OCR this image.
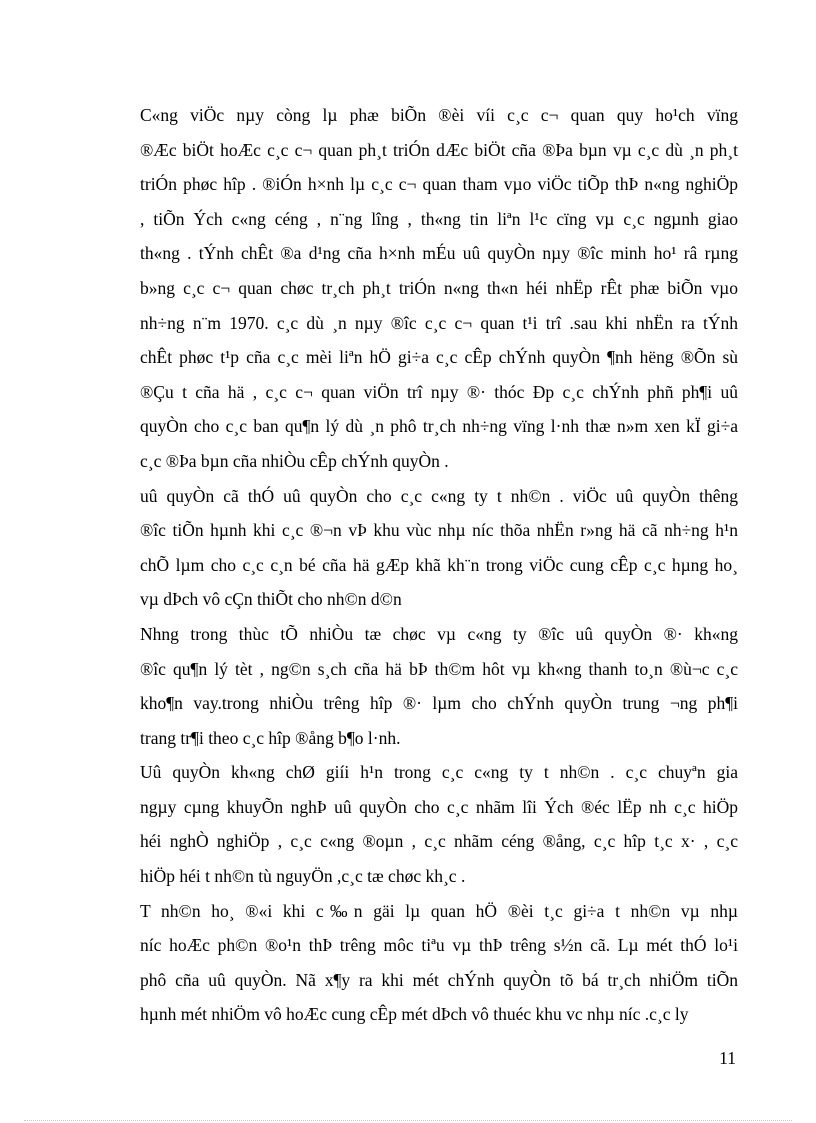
C«ng viÖc nµy còng lµ phæ biÕn ®èi víi c¸c c¬ quan quy ho¹ch vïng
®Æc biÖt hoÆc c¸c c¬ quan ph¸t triÓn dÆc biÖt cña ®Þa bµn vµ c¸c dù ¸n ph¸t
triÓn phøc hîp . ®iÓn h×nh lµ c¸c c¬ quan tham vµo viÖc tiÕp thÞ n«ng nghiÖp
, tiÕn Ých c«ng céng , n¨ng lîng , th«ng tin liªn l¹c cïng vµ c¸c ngµnh giao
th«ng . tÝnh chÊt ®a d¹ng cña h×nh mÉu uû quyÒn nµy ®îc minh ho¹ râ rµng
b»ng c¸c c¬ quan chøc tr¸ch ph¸t triÓn n«ng th«n héi nhËp rÊt phæ biÕn vµo
nh÷ng n¨m 1970. c¸c dù ¸n nµy ®îc c¸c c¬ quan t¹i trî .sau khi nhËn ra tÝnh
chÊt phøc t¹p cña c¸c mèi liªn hÖ gi÷a c¸c cÊp chÝnh quyÒn ¶nh hëng ®Õn sù
®Çu t cña hä , c¸c c¬ quan viÖn trî nµy ®· thóc Ðp c¸c chÝnh phñ ph¶i uû
quyÒn cho c¸c ban qu¶n lý dù ¸n phô tr¸ch nh÷ng vïng l·nh thæ n»m xen kÏ gi÷a
c¸c ®Þa bµn cña nhiÒu cÊp chÝnh quyÒn .
uû quyÒn cã thÓ uû quyÒn cho c¸c c«ng ty t nh©n . viÖc uû quyÒn thêng
®îc tiÕn hµnh khi c¸c ®¬n vÞ khu vùc nhµ níc thõa nhËn r»ng hä cã nh÷ng h¹n
chÕ lµm cho c¸c c¸n bé cña hä gÆp khã kh¨n trong viÖc cung cÊp c¸c hµng ho¸
vµ dÞch vô cÇn thiÕt cho nh©n d©n
Nhng trong thùc tÕ nhiÒu tæ chøc vµ c«ng ty ®îc uû quyÒn ®· kh«ng
®îc qu¶n lý tèt , ng©n s¸ch cña hä bÞ th©m hôt vµ kh«ng thanh to¸n ®ù¬c c¸c
kho¶n vay.trong nhiÒu trêng hîp ®· lµm cho chÝnh quyÒn trung ¬ng ph¶i
trang tr¶i theo c¸c hîp ®ång b¶o l·nh.
Uû quyÒn kh«ng chØ giíi h¹n trong c¸c c«ng ty t nh©n . c¸c chuyªn gia
ngµy cµng khuyÕn nghÞ uû quyÒn cho c¸c nhãm lîi Ých ®éc lËp nh c¸c hiÖp
héi nghÒ nghiÖp , c¸c c«ng ®oµn , c¸c nhãm céng ®ång, c¸c hîp t¸c x· , c¸c
hiÖp héi t nh©n tù nguyÖn ,c¸c tæ chøc kh¸c .
T nh©n ho¸ ®«i khi c‰n gäi lµ quan hÖ ®èi t¸c gi÷a t nh©n vµ nhµ
níc hoÆc ph©n ®o¹n thÞ trêng môc tiªu vµ thÞ trêng s½n cã. Lµ mét thÓ lo¹i
phô cña uû quyÒn. Nã x¶y ra khi mét chÝnh quyÒn tõ bá tr¸ch nhiÖm tiÕn
hµnh mét nhiÖm vô hoÆc cung cÊp mét dÞch vô thuéc khu vc nhµ níc .c¸c ly
11
